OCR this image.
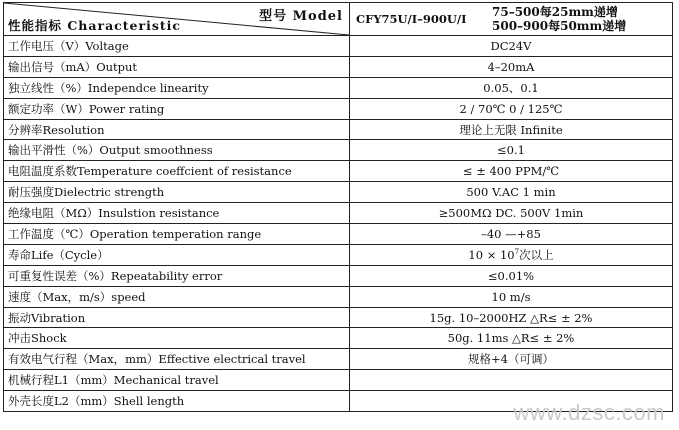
型号 Model
性能指标 Characteristic	CFY75U/I–900U/I 75–500每25mm递增
500–900每50mm递增

工作电压（V）Voltage	DC24V
输出信号（mA）Output	4–20mA
独立线性（%）Independce linearity	0.05、0.1
额定功率（W）Power rating	2 / 70℃ 0 / 125℃
分辨率Resolution	理论上无限 Infinite
输出平滑性（%）Output smoothness	≤0.1
电阻温度系数Temperature coeffcient of resistance	≤ ± 400 PPM/℃
耐压强度Dielectric strength	500 V.AC 1 min
绝缘电阻（MΩ）Insulstion resistance	≥500MΩ DC. 500V 1min
工作温度（℃）Operation temperation range	–40 —+85
寿命Life（Cycle）	$10 \times 10^7$次以上
可重复性误差（%）Repeatability error	≤0.01%
速度（Max，m/s）speed	10 m/s
振动Vibration	15g. 10–2000HZ △R≤ ± 2%
冲击Shock	50g. 11ms △R≤ ± 2%
有效电气行程（Max，mm）Effective electrical travel	规格+4（可调）
机械行程L1（mm）Mechanical travel	
外壳长度L2（mm）Shell length		www.dzsc.com
